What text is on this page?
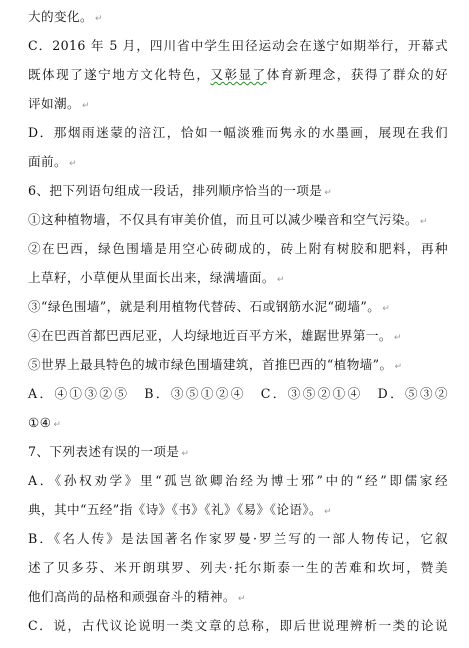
大的变化。 ↵
C．2016 年 5 月，四川省中学生田径运动会在遂宁如期举行，开幕式
既体现了遂宁地方文化特色，又彰显了体育新理念，获得了群众的好
评如潮。 ↵
D．那烟雨迷蒙的涪江，恰如一幅淡雅而隽永的水墨画，展现在我们
面前。 ↵
6、把下列语句组成一段话，排列顺序恰当的一项是 ↵
①这种植物墙，不仅具有审美价值，而且可以减少噪音和空气污染。 ↵
②在巴西，绿色围墙是用空心砖砌成的，砖上附有树胶和肥料，再种
上草籽，小草便从里面长出来，绿满墙面。 ↵
③“绿色围墙”，就是利用植物代替砖、石或钢筋水泥“砌墙”。 ↵
④在巴西首都巴西尼亚，人均绿地近百平方米，雄踞世界第一。 ↵
⑤世界上最具特色的城市绿色围墙建筑，首推巴西的“植物墙”。 ↵
A．④①③②⑤　B．③⑤①②④　C．③⑤②①④　D．⑤③②
①④ ↵
7、下列表述有误的一项是 ↵
A．《孙权劝学》里“孤岂欲卿治经为博士邪”中的“经”即儒家经
典，其中“五经”指《诗》《书》《礼》《易》《论语》。 ↵
B．《名人传》是法国著名作家罗曼·罗兰写的一部人物传记，它叙
述了贝多芬、米开朗琪罗、列夫·托尔斯泰一生的苦难和坎坷，赞美
他们高尚的品格和顽强奋斗的精神。 ↵
C．说，古代议论说明一类文章的总称，即后世说理辨析一类的论说
